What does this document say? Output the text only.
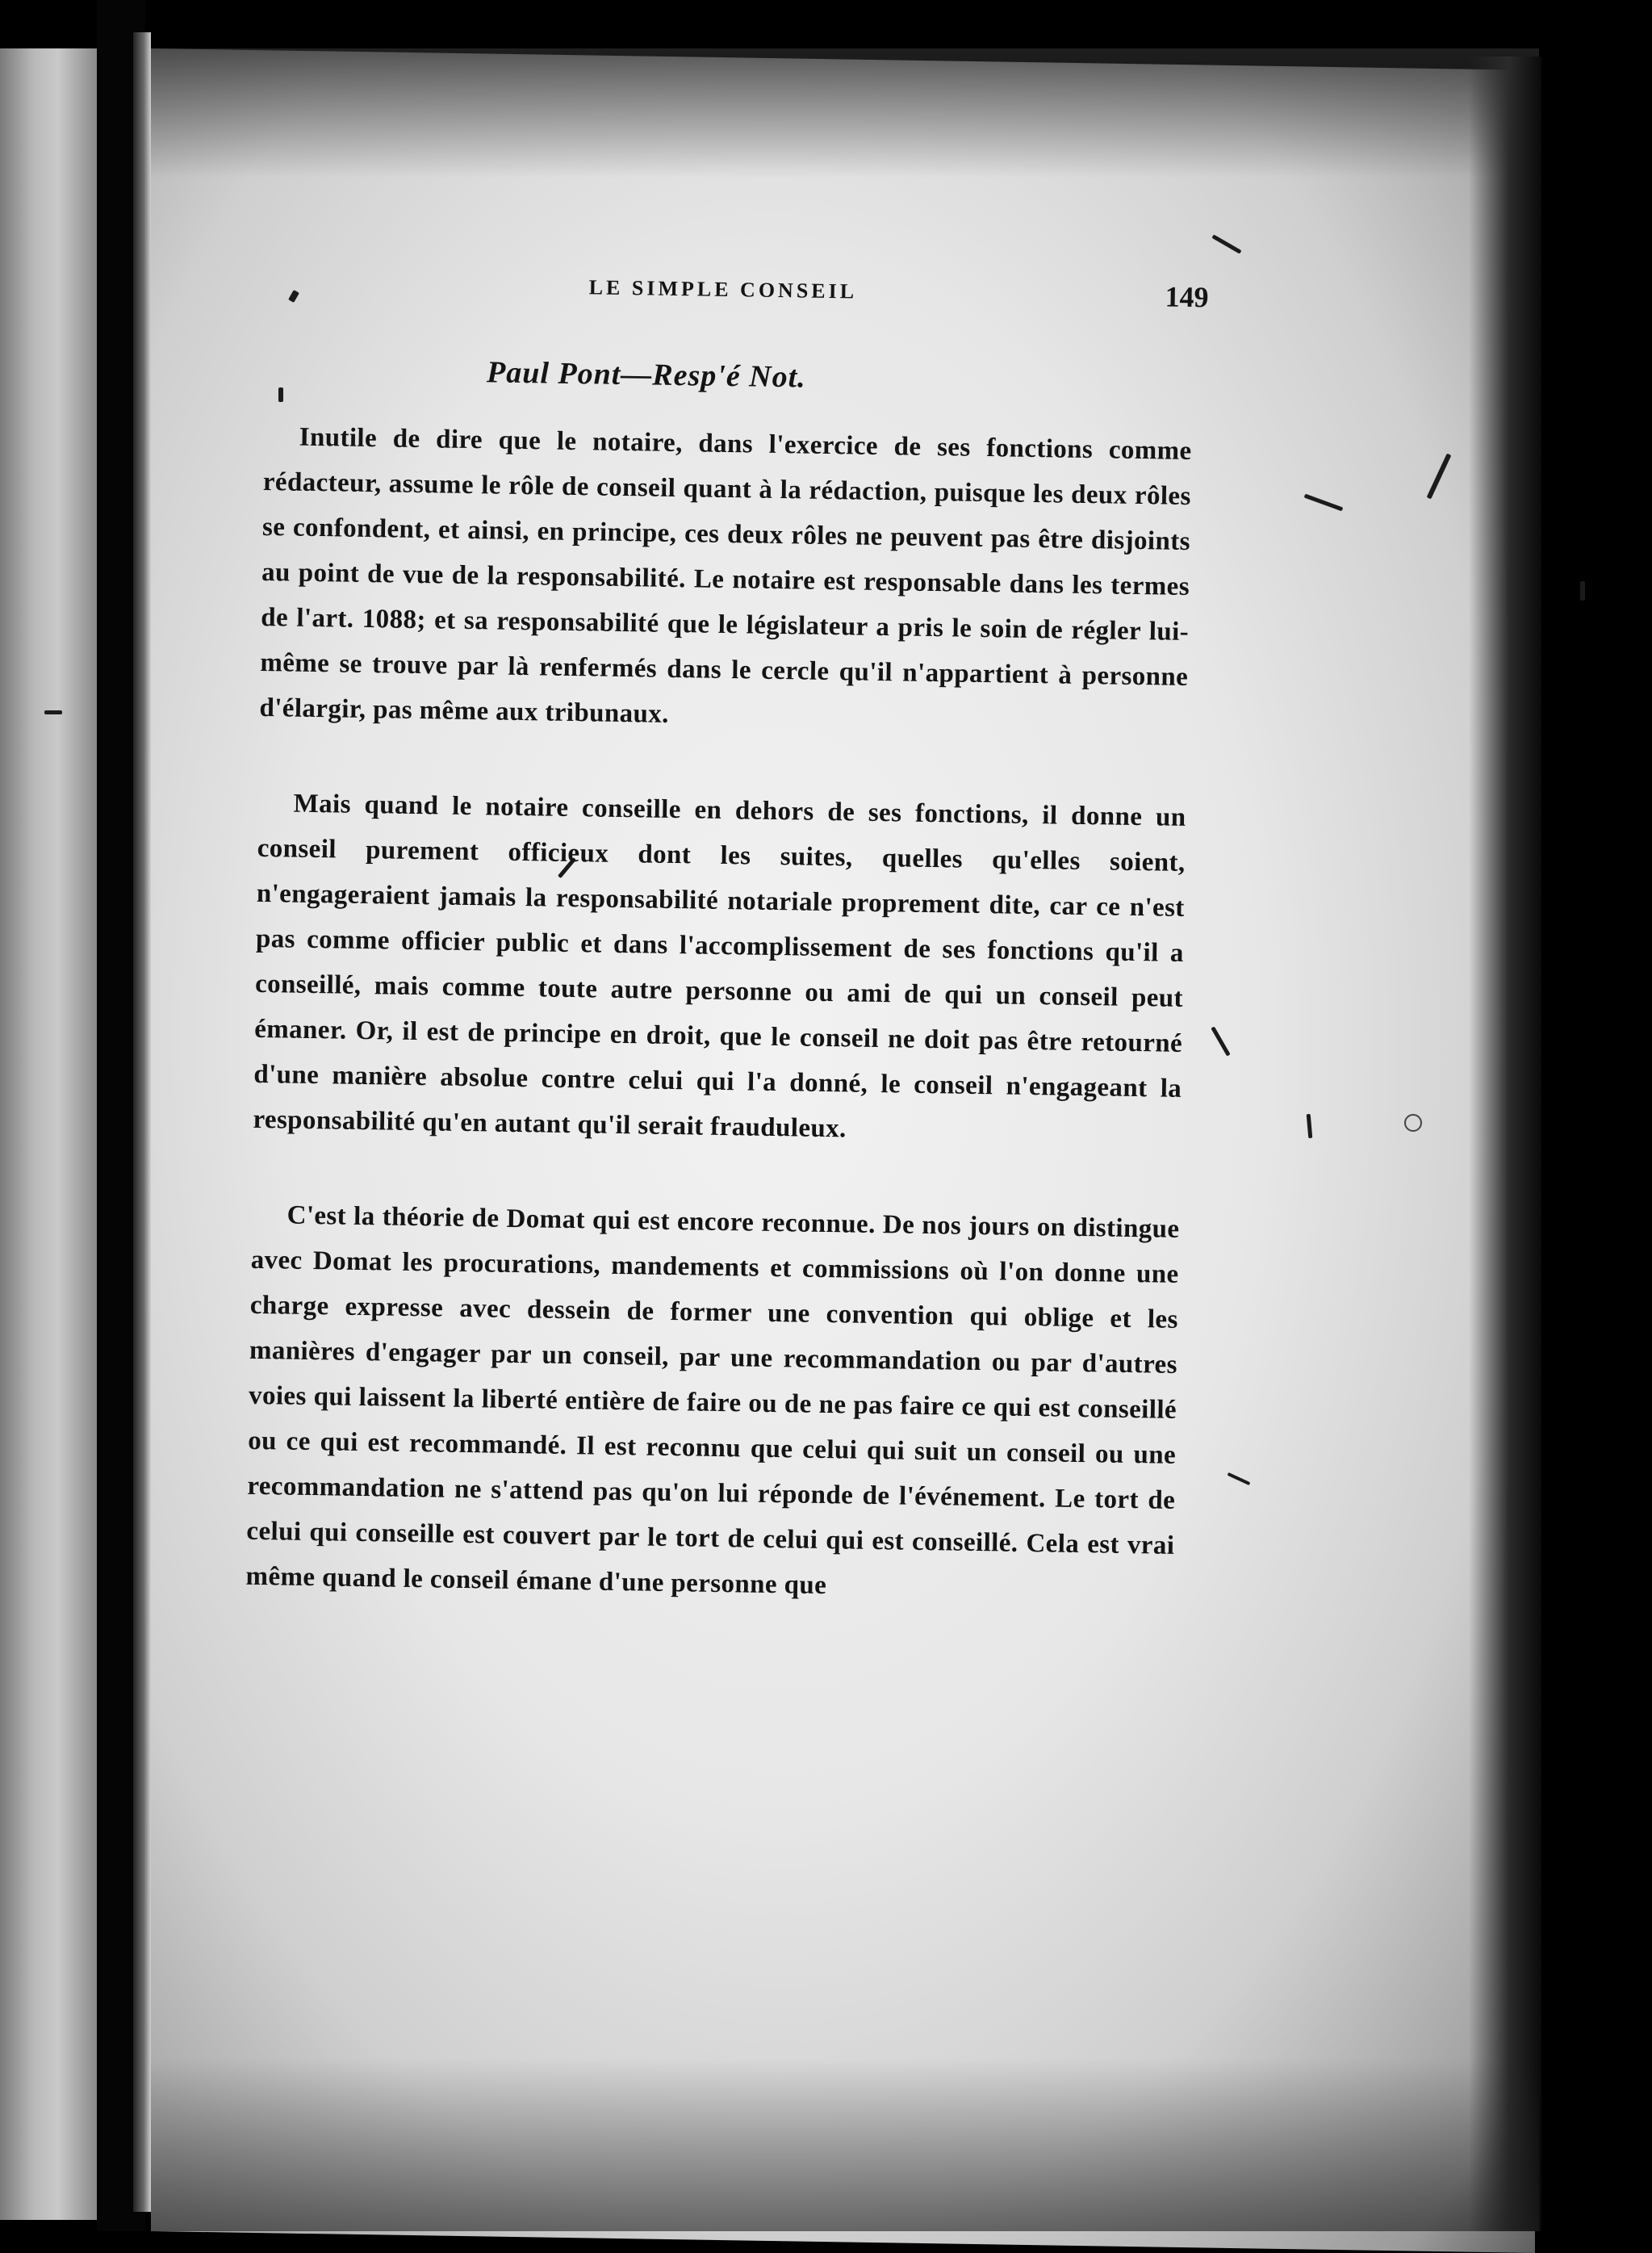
LE SIMPLE CONSEIL	149
Paul Pont—Resp'é Not.

Inutile de dire que le notaire, dans l'exercice de ses fonctions comme rédacteur, assume le rôle de conseil quant à la rédaction, puisque les deux rôles se confondent, et ainsi, en principe, ces deux rôles ne peuvent pas être disjoints au point de vue de la responsabilité. Le notaire est responsable dans les termes de l'art. 1088; et sa responsabilité que le législateur a pris le soin de régler lui-même se trouve par là renfermés dans le cercle qu'il n'appartient à personne d'élargir, pas même aux tribunaux.

Mais quand le notaire conseille en dehors de ses fonctions, il donne un conseil purement officieux dont les suites, quelles qu'elles soient, n'engageraient jamais la responsabilité notariale proprement dite, car ce n'est pas comme officier public et dans l'accomplissement de ses fonctions qu'il a conseillé, mais comme toute autre personne ou ami de qui un conseil peut émaner. Or, il est de principe en droit, que le conseil ne doit pas être retourné d'une manière absolue contre celui qui l'a donné, le conseil n'engageant la responsabilité qu'en autant qu'il serait frauduleux.

C'est la théorie de Domat qui est encore reconnue. De nos jours on distingue avec Domat les procurations, mandements et commissions où l'on donne une charge expresse avec dessein de former une convention qui oblige et les manières d'engager par un conseil, par une recommandation ou par d'autres voies qui laissent la liberté entière de faire ou de ne pas faire ce qui est conseillé ou ce qui est recommandé. Il est reconnu que celui qui suit un conseil ou une recommandation ne s'attend pas qu'on lui réponde de l'événement. Le tort de celui qui conseille est couvert par le tort de celui qui est conseillé. Cela est vrai même quand le conseil émane d'une personne que
